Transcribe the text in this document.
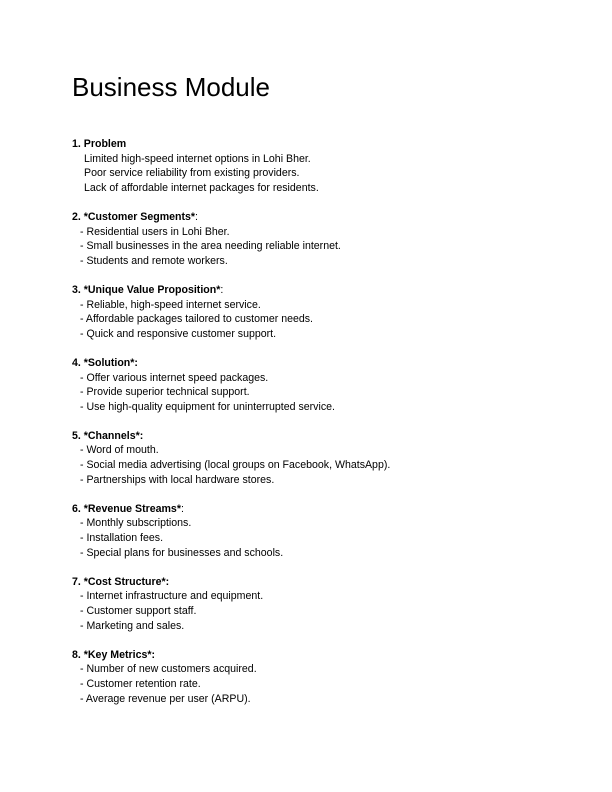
Business Module
1. Problem
Limited high-speed internet options in Lohi Bher.
Poor service reliability from existing providers.
Lack of affordable internet packages for residents.
2. *Customer Segments*:
- Residential users in Lohi Bher.
- Small businesses in the area needing reliable internet.
- Students and remote workers.
3. *Unique Value Proposition*:
- Reliable, high-speed internet service.
- Affordable packages tailored to customer needs.
- Quick and responsive customer support.
4. *Solution*:
- Offer various internet speed packages.
- Provide superior technical support.
- Use high-quality equipment for uninterrupted service.
5. *Channels*:
- Word of mouth.
- Social media advertising (local groups on Facebook, WhatsApp).
- Partnerships with local hardware stores.
6. *Revenue Streams*:
- Monthly subscriptions.
- Installation fees.
- Special plans for businesses and schools.
7. *Cost Structure*:
- Internet infrastructure and equipment.
- Customer support staff.
- Marketing and sales.
8. *Key Metrics*:
- Number of new customers acquired.
- Customer retention rate.
- Average revenue per user (ARPU).
